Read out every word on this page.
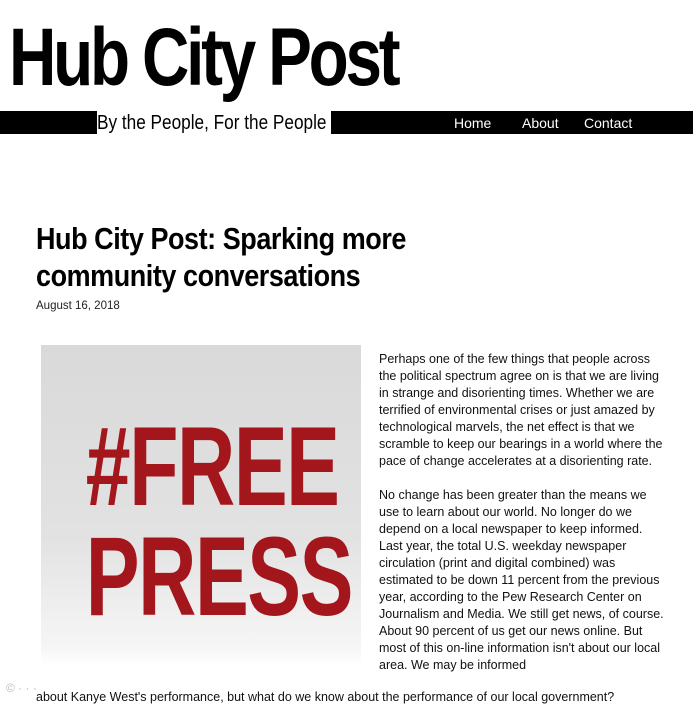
Hub City Post
By the People, For the People	Home About Contact
Hub City Post: Sparking more community conversations
August 16, 2018
#FREE
PRESS

Perhaps one of the few things that people across the political spectrum agree on is that we are living in strange and disorienting times. Whether we are terrified of environmental crises or just amazed by technological marvels, the net effect is that we scramble to keep our bearings in a world where the pace of change accelerates at a disorienting rate.

No change has been greater than the means we use to learn about our world. No longer do we depend on a local newspaper to keep informed. Last year, the total U.S. weekday newspaper circulation (print and digital combined) was estimated to be down 11 percent from the previous year, according to the Pew Research Center on Journalism and Media. We still get news, of course. About 90 percent of us get our news online. But most of this on-line information isn't about our local area. We may be informed

about Kanye West's performance, but what do we know about the performance of our local government?
© · · ·
